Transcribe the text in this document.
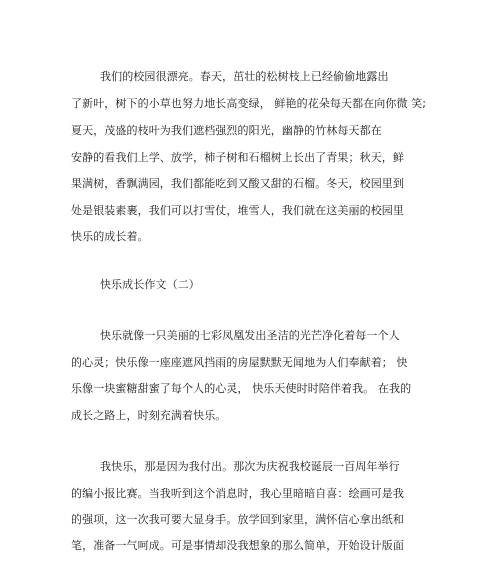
我们的校园很漂亮。春天，茁壮的松树枝上已经偷偷地露出
了新叶，树下的小草也努力地长高变绿， 鲜艳的花朵每天都在向你微 笑;
夏天，茂盛的枝叶为我们遮档强烈的阳光，幽静的竹林每天都在
安静的看我们上学、放学，柿子树和石榴树上长出了青果；秋天，鲜
果满树，香飘满园，我们都能吃到又酸又甜的石榴。冬天，校园里到
处是银装素裹，我们可以打雪仗，堆雪人，我们就在这美丽的校园里
快乐的成长着。
快乐成长作文（二）
快乐就像一只美丽的七彩凤凰发出圣洁的光芒净化着每一个人
的心灵；快乐像一座座遮风挡雨的房屋默默无闻地为人们奉献着； 快
乐像一块蜜糖甜蜜了每个人的心灵， 快乐天使时时陪伴着我。 在我的
成长之路上，时刻充满着快乐。
我快乐，那是因为我付出。那次为庆祝我校诞辰一百周年举行
的编小报比赛。当我听到这个消息时，我心里暗暗自喜：绘画可是我
的强项，这一次我可要大显身手。放学回到家里，满怀信心拿出纸和
笔，准备一气呵成。可是事情却没我想象的那么简单，开始设计版面
